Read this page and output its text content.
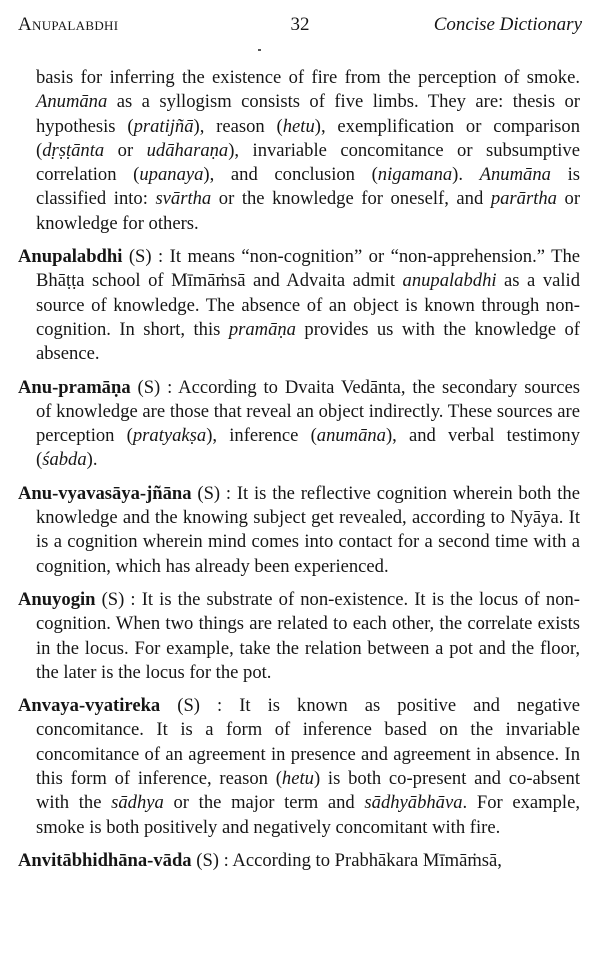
Anupalabdhi	32	Concise Dictionary

basis for inferring the existence of fire from the perception of smoke. Anumāna as a syllogism consists of five limbs. They are: thesis or hypothesis (pratijñā), reason (hetu), exemplification or comparison (dṛṣṭānta or udāharaṇa), invariable concomitance or subsumptive correlation (upanaya), and conclusion (nigamana). Anumāna is classified into: svārtha or the knowledge for oneself, and parārtha or knowledge for others.

Anupalabdhi (S) : It means “non-cognition” or “non-apprehension.” The Bhāṭṭa school of Mīmāṁsā and Advaita admit anupalabdhi as a valid source of knowledge. The absence of an object is known through non-cognition. In short, this pramāṇa provides us with the knowledge of absence.

Anu-pramāṇa (S) : According to Dvaita Vedānta, the secondary sources of knowledge are those that reveal an object indirectly. These sources are perception (pratyakṣa), inference (anumāna), and verbal testimony (śabda).

Anu-vyavasāya-jñāna (S) : It is the reflective cognition wherein both the knowledge and the knowing subject get revealed, according to Nyāya. It is a cognition wherein mind comes into contact for a second time with a cognition, which has already been experienced.

Anuyogin (S) : It is the substrate of non-existence. It is the locus of non-cognition. When two things are related to each other, the correlate exists in the locus. For example, take the relation between a pot and the floor, the later is the locus for the pot.

Anvaya-vyatireka (S) : It is known as positive and negative concomitance. It is a form of inference based on the invariable concomitance of an agreement in presence and agreement in absence. In this form of inference, reason (hetu) is both co-present and co-absent with the sādhya or the major term and sādhyābhāva. For example, smoke is both positively and negatively concomitant with fire.

Anvitābhidhāna-vāda (S) : According to Prabhākara Mīmāṁsā,
